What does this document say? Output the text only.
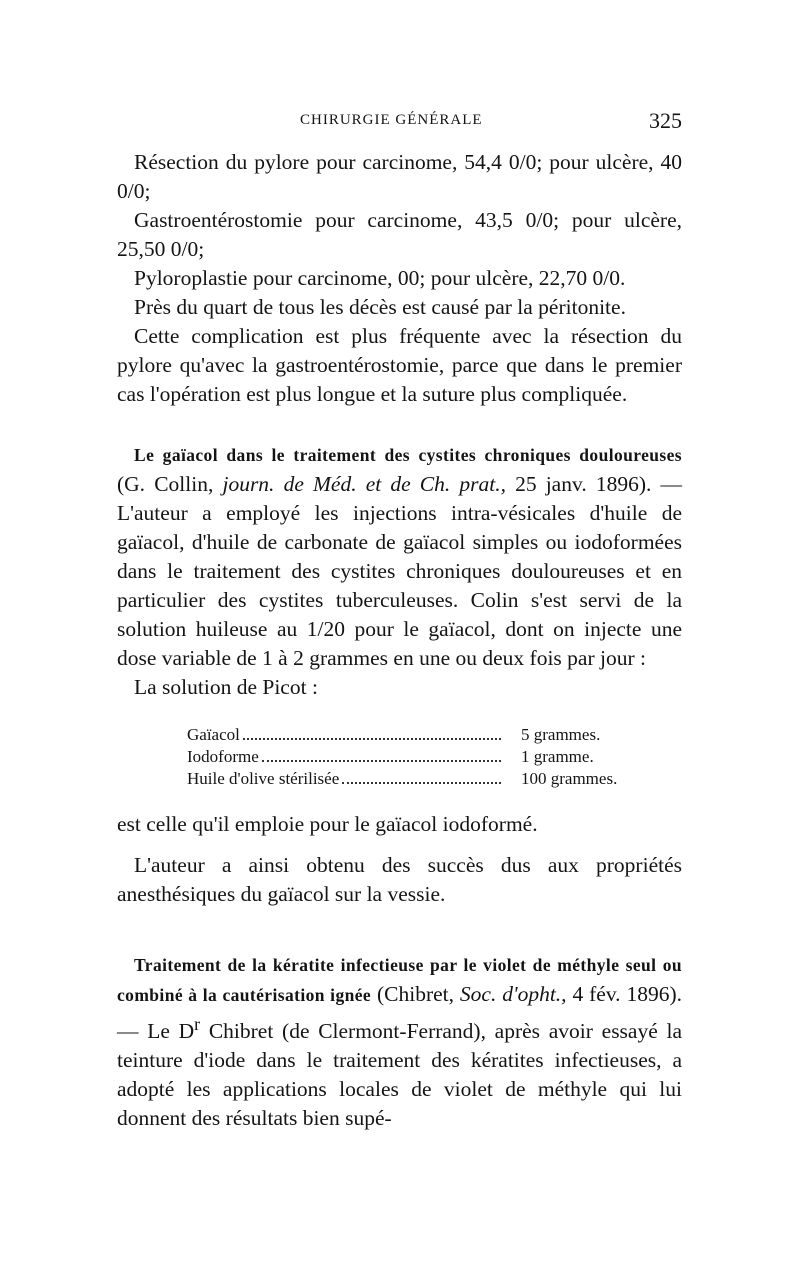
CHIRURGIE GÉNÉRALE	325

Résection du pylore pour carcinome, 54,4 0/0; pour ulcère, 40 0/0;

Gastroentérostomie pour carcinome, 43,5 0/0; pour ulcère, 25,50 0/0;

Pyloroplastie pour carcinome, 00; pour ulcère, 22,70 0/0.

Près du quart de tous les décès est causé par la péritonite.

Cette complication est plus fréquente avec la résection du pylore qu'avec la gastroentérostomie, parce que dans le premier cas l'opération est plus longue et la suture plus compliquée.

Le gaïacol dans le traitement des cystites chroniques douloureuses (G. Collin, journ. de Méd. et de Ch. prat., 25 janv. 1896). — L'auteur a employé les injections intra-vésicales d'huile de gaïacol, d'huile de carbonate de gaïacol simples ou iodoformées dans le traitement des cystites chroniques douloureuses et en particulier des cystites tuberculeuses. Colin s'est servi de la solution huileuse au 1/20 pour le gaïacol, dont on injecte une dose variable de 1 à 2 grammes en une ou deux fois par jour :

La solution de Picot :

Gaïacol	5 grammes.
Iodoforme	1 gramme.
Huile d'olive stérilisée	100 grammes.

est celle qu'il emploie pour le gaïacol iodoformé.

L'auteur a ainsi obtenu des succès dus aux propriétés anesthésiques du gaïacol sur la vessie.

Traitement de la kératite infectieuse par le violet de méthyle seul ou combiné à la cautérisation ignée (Chibret, Soc. d'opht., 4 fév. 1896). — Le $D^r$ Chibret (de Clermont-Ferrand), après avoir essayé la teinture d'iode dans le traitement des kératites infectieuses, a adopté les applications locales de violet de méthyle qui lui donnent des résultats bien supé-
